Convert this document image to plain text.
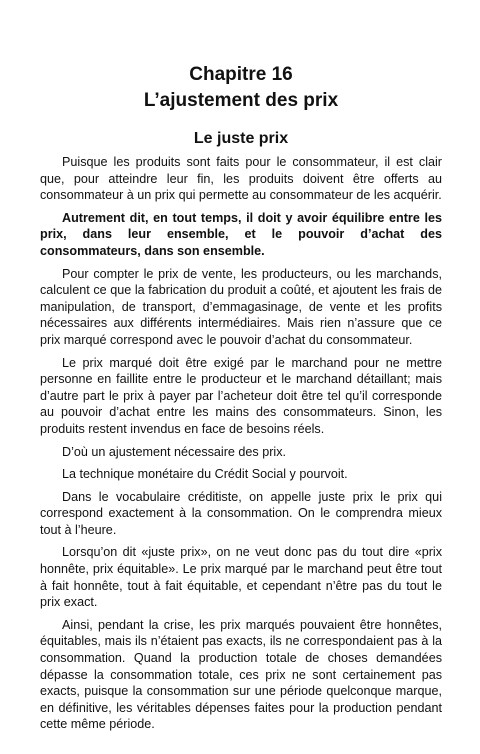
Chapitre 16
L’ajustement des prix
Le juste prix

Puisque les produits sont faits pour le consommateur, il est clair que, pour atteindre leur fin, les produits doivent être offerts au consommateur à un prix qui permette au consommateur de les acquérir.

Autrement dit, en tout temps, il doit y avoir équilibre entre les prix, dans leur ensemble, et le pouvoir d’achat des consommateurs, dans son ensemble.

Pour compter le prix de vente, les producteurs, ou les marchands, calculent ce que la fabrication du produit a coûté, et ajoutent les frais de manipulation, de transport, d’emmagasinage, de vente et les profits nécessaires aux différents intermédiaires. Mais rien n’assure que ce prix marqué correspond avec le pouvoir d’achat du consommateur.

Le prix marqué doit être exigé par le marchand pour ne mettre personne en faillite entre le producteur et le marchand détaillant; mais d’autre part le prix à payer par l’acheteur doit être tel qu’il corresponde au pouvoir d’achat entre les mains des consommateurs. Sinon, les produits restent invendus en face de besoins réels.

D’où un ajustement nécessaire des prix.

La technique monétaire du Crédit Social y pourvoit.

Dans le vocabulaire créditiste, on appelle juste prix le prix qui correspond exactement à la consommation. On le comprendra mieux tout à l’heure.

Lorsqu’on dit «juste prix», on ne veut donc pas du tout dire «prix honnête, prix équitable». Le prix marqué par le marchand peut être tout à fait honnête, tout à fait équitable, et cependant n’être pas du tout le prix exact.

Ainsi, pendant la crise, les prix marqués pouvaient être honnêtes, équitables, mais ils n’étaient pas exacts, ils ne correspondaient pas à la consommation. Quand la production totale de choses demandées dépasse la consommation totale, ces prix ne sont certainement pas exacts, puisque la consommation sur une période quelconque marque, en définitive, les véritables dépenses faites pour la production pendant cette même période.
